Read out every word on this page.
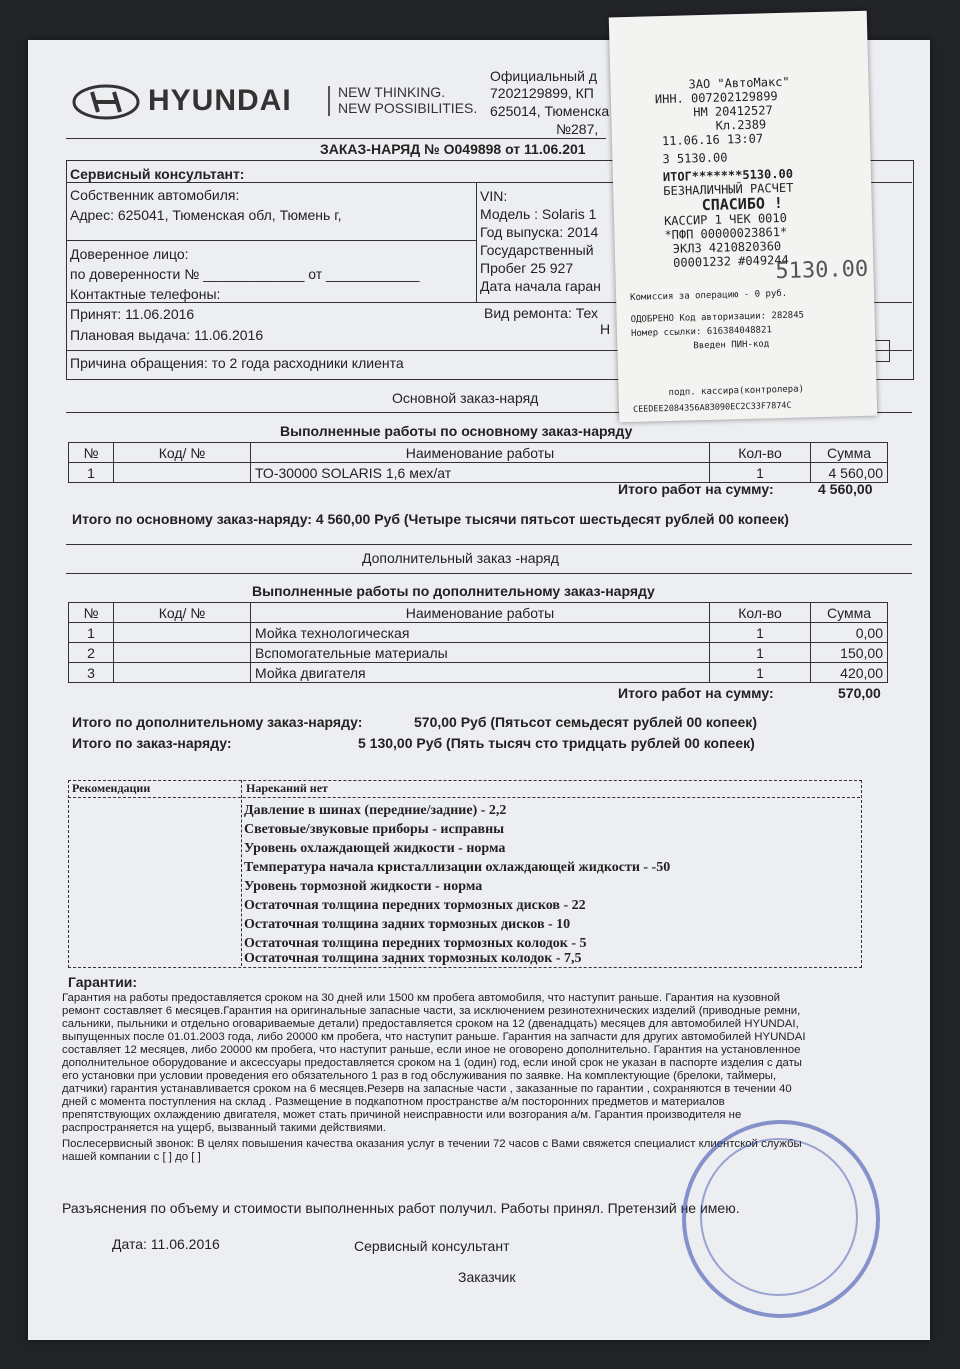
HYUNDAI	NEW THINKING.
NEW POSSIBILITIES.
Официальный д
7202129899, КП
625014, Тюменска
№287,
ЗАКАЗ-НАРЯД № О049898 от 11.06.201
Сервисный консультант:
Собственник автомобиля:
Адрес: 625041, Тюменская обл, Тюмень г,
Доверенное лицо:
по доверенности № _____________ от ____________
Контактные телефоны:
Принят: 11.06.2016
Плановая выдача: 11.06.2016
VIN:
Модель : Solaris 1
Год выпуска: 2014
Государственный
Пробег 25 927
Дата начала гаран
Вид ремонта: Тех
Н
Причина обращения: то 2 года расходники клиента
Основной заказ-наряд
Выполненные работы по основному заказ-наряду
№	Код/ №	Наименование работы	Кол-во	Сумма
1		ТО-30000 SOLARIS 1,6 мех/ат	1	4 560,00
Итого работ на сумму:	4 560,00
Итого по основному заказ-наряду: 4 560,00 Руб (Четыре тысячи пятьсот шестьдесят рублей 00 копеек)
Дополнительный заказ -наряд
Выполненные работы по дополнительному заказ-наряду
№	Код/ №	Наименование работы	Кол-во	Сумма
1		Мойка технологическая	1	0,00
2		Вспомогательные материалы	1	150,00
3		Мойка двигателя	1	420,00
Итого работ на сумму:	570,00
Итого по дополнительному заказ-наряду:	570,00 Руб (Пятьсот семьдесят рублей 00 копеек)
Итого по заказ-наряду:	5 130,00 Руб (Пять тысяч сто тридцать рублей 00 копеек)
Рекомендации	Нареканий нет
Давление в шинах (передние/задние) - 2,2
Световые/звуковые приборы - исправны
Уровень охлаждающей жидкости - норма
Температура начала кристаллизации охлаждающей жидкости - -50
Уровень тормозной жидкости - норма
Остаточная толщина передних тормозных дисков - 22
Остаточная толщина задних тормозных дисков - 10
Остаточная толщина передних тормозных колодок - 5
Остаточная толщина задних тормозных колодок - 7,5
Гарантии:
Гарантия на работы предоставляется сроком на 30 дней или 1500 км пробега автомобиля, что наступит раньше. Гарантия на кузовной
ремонт составляет 6 месяцев.Гарантия на оригинальные запасные части, за исключением резинотехнических изделий (приводные ремни,
сальники, пыльники и отдельно оговариваемые детали) предоставляется сроком на 12 (двенадцать) месяцев для автомобилей HYUNDAI,
выпущенных после 01.01.2003 года, либо 20000 км пробега, что наступит раньше. Гарантия на запчасти для других автомобилей HYUNDAI
составляет 12 месяцев, либо 20000 км пробега, что наступит раньше, если иное не оговорено дополнительно. Гарантия на установленное
дополнительное оборудование и аксессуары предоставляется сроком на 1 (один) год, если иной срок не указан в паспорте изделия с даты
его установки при условии проведения его обязательного 1 раз в год обслуживания по заявке. На комплектующие (брелоки, таймеры,
датчики) гарантия устанавливается сроком на 6 месяцев.Резерв на запасные части , заказанные по гарантии , сохраняются в течении 40
дней с момента поступления на склад . Размещение в подкапотном пространстве а/м посторонних предметов и материалов
препятствующих охлаждению двигателя, может стать причиной неисправности или возгорания а/м. Гарантия производителя не
распространяется на ущерб, вызванный такими действиями.
Послесервисный звонок: В целях повышения качества оказания услуг в течении 72 часов с Вами свяжется специалист клиентской службы
нашей компании с [ ] до [ ]
Разъяснения по объему и стоимости выполненных работ получил. Работы принял. Претензий не имею.
Дата: 11.06.2016	Сервисный консультант
Заказчик
ЗАО "АвтоМакс"
ИНН. 007202129899
НМ 20412527
Кл.2389
11.06.16 13:07
3 5130.00
ИТОГ*******5130.00
БЕЗНАЛИЧНЫЙ РАСЧЕТ
СПАСИБО !
КАССИР 1 ЧЕК 0010
*ПФП 00000023861*
ЭКЛЗ 4210820360
00001232 #049244
5130.00
Комиссия за операцию - 0 руб.
ОДОБРЕНО Код авторизации: 282845
Номер ссылки: 616384048821
Введен ПИН-код
подп. кассира(контролера)
CEEDEE2084356A83090EC2C33F7874C
